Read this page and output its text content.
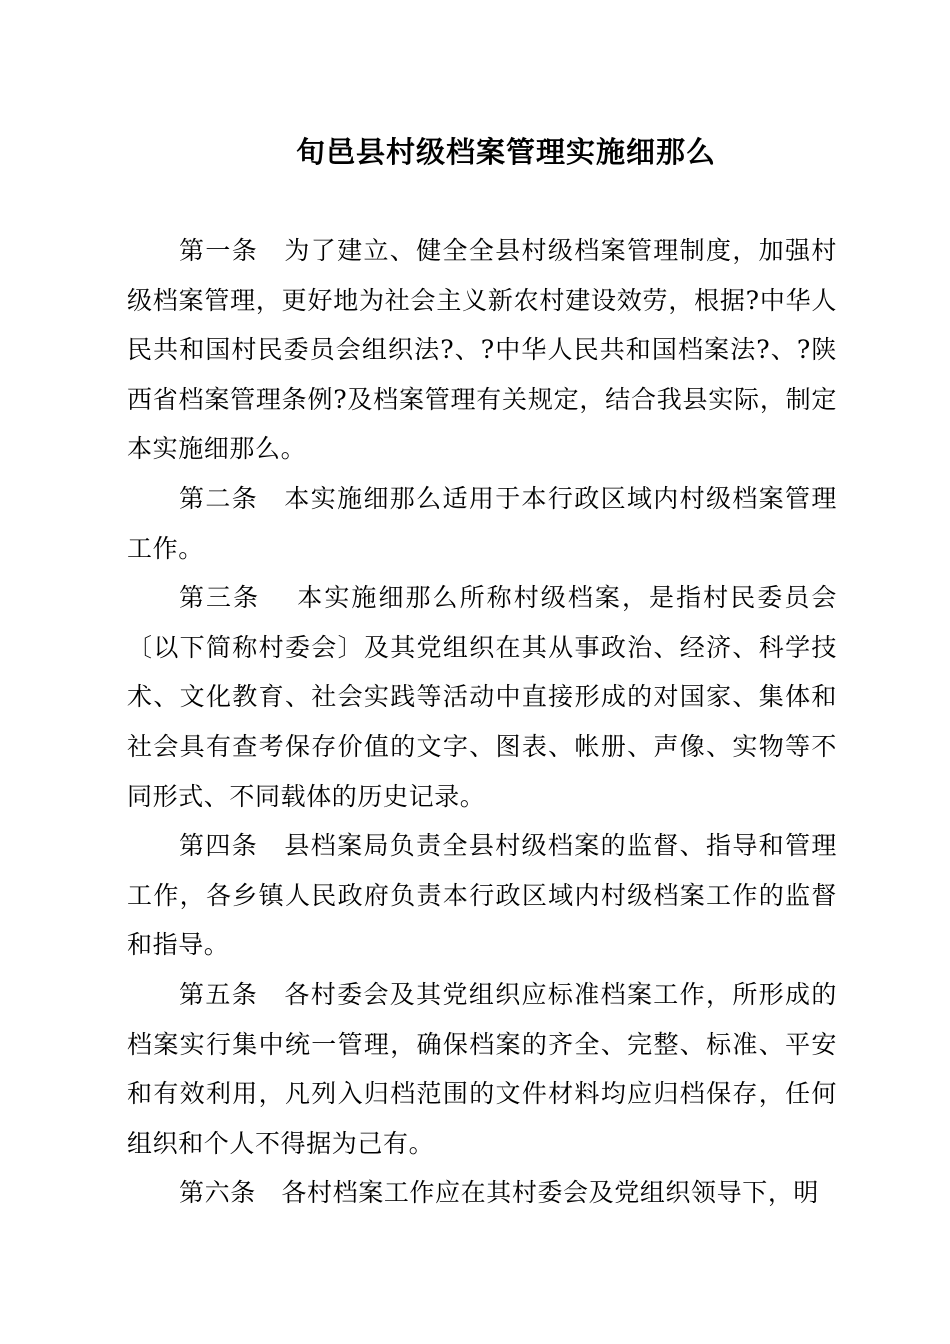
旬邑县村级档案管理实施细那么

第一条　 为了建立、健全全县村级档案管理制度，加强村级档案管理，更好地为社会主义新农村建设效劳，根据?中华人民共和国村民委员会组织法?、?中华人民共和国档案法?、?陕西省档案管理条例?及档案管理有关规定，结合我县实际，制定本实施细那么。

第二条　 本实施细那么适用于本行政区域内村级档案管理工作。

第三条　 本实施细那么所称村级档案，是指村民委员会〔以下简称村委会〕及其党组织在其从事政治、经济、科学技术、文化教育、社会实践等活动中直接形成的对国家、集体和社会具有查考保存价值的文字、图表、帐册、声像、实物等不同形式、不同载体的历史记录。

第四条　 县档案局负责全县村级档案的监督、指导和管理工作，各乡镇人民政府负责本行政区域内村级档案工作的监督和指导。

第五条　 各村委会及其党组织应标准档案工作，所形成的档案实行集中统一管理，确保档案的齐全、完整、标准、平安和有效利用，凡列入归档范围的文件材料均应归档保存，任何组织和个人不得据为己有。

第六条　 各村档案工作应在其村委会及党组织领导下，明
